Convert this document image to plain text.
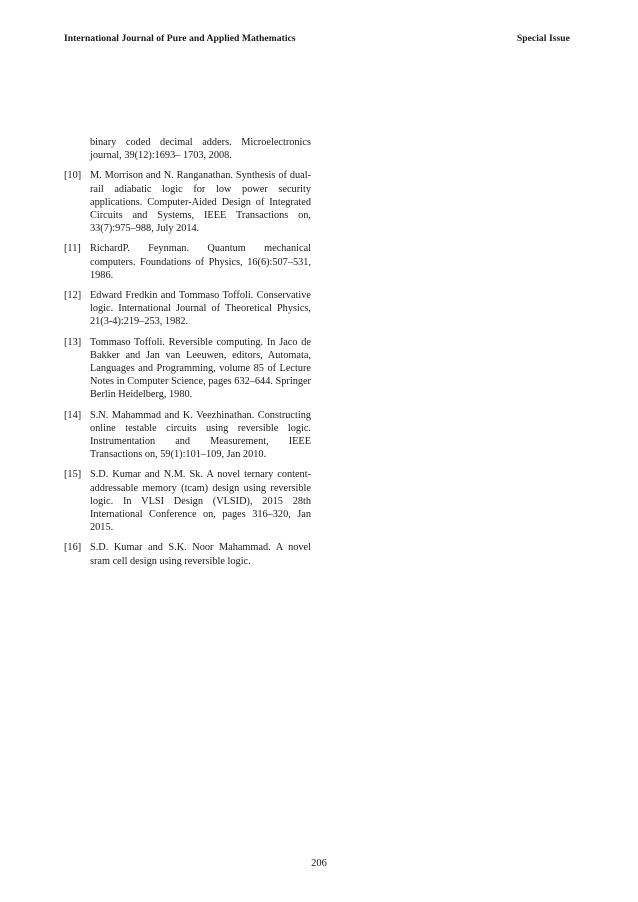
International Journal of Pure and Applied Mathematics	Special Issue
binary coded decimal adders. Microelectronics journal, 39(12):1693– 1703, 2008.
[10] M. Morrison and N. Ranganathan. Synthesis of dual-rail adiabatic logic for low power security applications. Computer-Aided Design of Integrated Circuits and Systems, IEEE Transactions on, 33(7):975–988, July 2014.
[11] RichardP. Feynman. Quantum mechanical computers. Foundations of Physics, 16(6):507–531, 1986.
[12] Edward Fredkin and Tommaso Toffoli. Conservative logic. International Journal of Theoretical Physics, 21(3-4):219–253, 1982.
[13] Tommaso Toffoli. Reversible computing. In Jaco de Bakker and Jan van Leeuwen, editors, Automata, Languages and Programming, volume 85 of Lecture Notes in Computer Science, pages 632–644. Springer Berlin Heidelberg, 1980.
[14] S.N. Mahammad and K. Veezhinathan. Constructing online testable circuits using reversible logic. Instrumentation and Measurement, IEEE Transactions on, 59(1):101–109, Jan 2010.
[15] S.D. Kumar and N.M. Sk. A novel ternary content-addressable memory (tcam) design using reversible logic. In VLSI Design (VLSID), 2015 28th International Conference on, pages 316–320, Jan 2015.
[16] S.D. Kumar and S.K. Noor Mahammad. A novel sram cell design using reversible logic.
206
